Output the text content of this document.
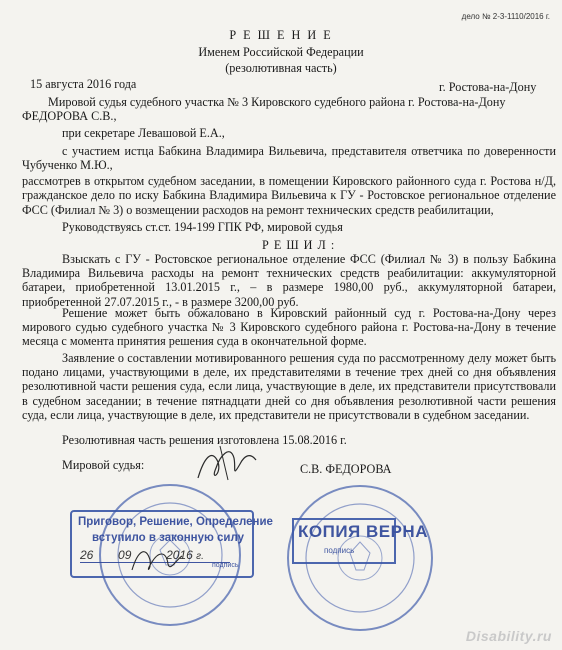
дело № 2-3-1110/2016 г.
Р Е Ш Е Н И Е
Именем Российской Федерации
(резолютивная часть)
15 августа 2016 года	г. Ростова-на-Дону
Мировой судья судебного участка № 3 Кировского судебного района г. Ростова-на-Дону
ФЕДОРОВА С.В.,
при секретаре Левашовой Е.А.,
с участием истца Бабкина Владимира Вильевича, представителя ответчика по доверенности Чубученко М.Ю.,
рассмотрев в открытом судебном заседании, в помещении Кировского районного суда г. Ростова н/Д, гражданское дело по иску Бабкина Владимира Вильевича к ГУ - Ростовское региональное отделение ФСС (Филиал № 3) о возмещении расходов на ремонт технических средств реабилитации,
Руководствуясь ст.ст. 194-199 ГПК РФ, мировой судья
Р Е Ш И Л :
Взыскать с ГУ - Ростовское региональное отделение ФСС (Филиал № 3) в пользу Бабкина Владимира Вильевича расходы на ремонт технических средств реабилитации: аккумуляторной батареи, приобретенной 13.01.2015 г., – в размере 1980,00 руб., аккумуляторной батареи, приобретенной 27.07.2015 г., - в размере 3200,00 руб.
Решение может быть обжаловано в Кировский районный суд г. Ростова-на-Дону через мирового судью судебного участка № 3 Кировского судебного района г. Ростова-на-Дону в течение месяца с момента принятия решения суда в окончательной форме.
Заявление о составлении мотивированного решения суда по рассмотренному делу может быть подано лицами, участвующими в деле, их представителями в течение трех дней со дня объявления резолютивной части решения суда, если лица, участвующие в деле, их представители присутствовали в судебном заседании; в течение пятнадцати дней со дня объявления резолютивной части решения суда, если лица, участвующие в деле, их представители не присутствовали в судебном заседании.
Резолютивная часть решения изготовлена 15.08.2016 г.
Мировой судья:	С.В. ФЕДОРОВА
Приговор, Решение, Определение
вступило в законную силу
26 09	2016 г.
подпись
КОПИЯ ВЕРНА
подпись
Disability.ru
